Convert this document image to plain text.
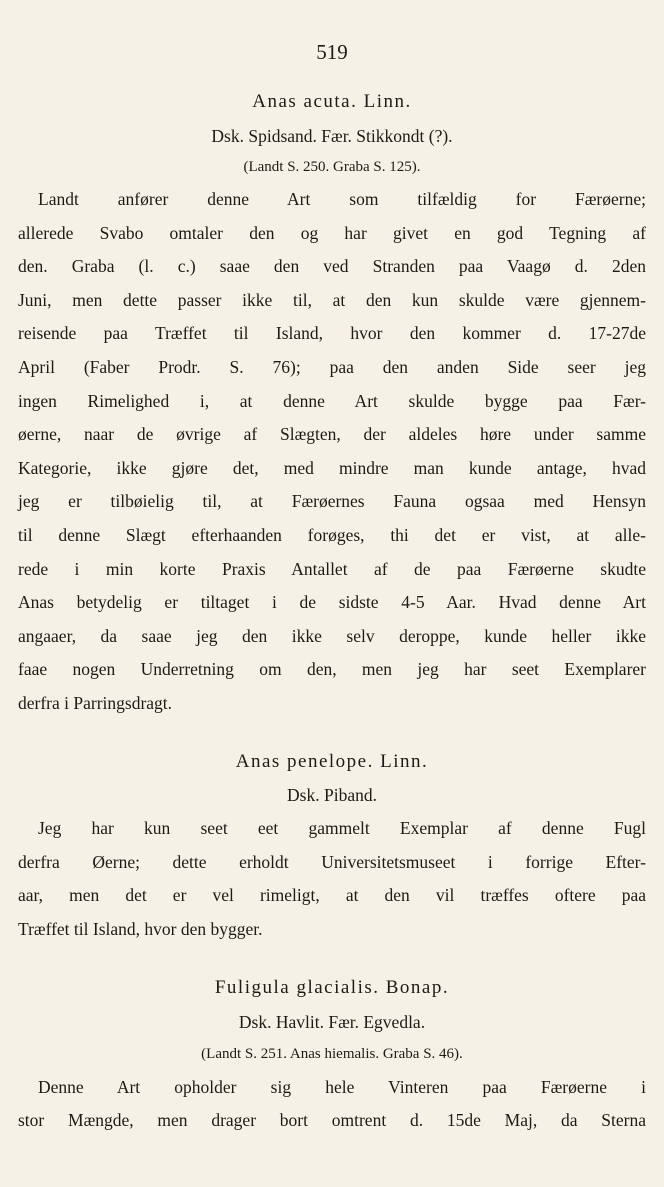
519
Anas acuta. Linn.
Dsk. Spidsand. Fær. Stikkondt (?).
(Landt S. 250. Graba S. 125).
Landt anfører denne Art som tilfældig for Færøerne;
allerede Svabo omtaler den og har givet en god Tegning af
den. Graba (l. c.) saae den ved Stranden paa Vaagø d. 2den
Juni, men dette passer ikke til, at den kun skulde være gjennem-
reisende paa Træffet til Island, hvor den kommer d. 17-27de
April (Faber Prodr. S. 76); paa den anden Side seer jeg
ingen Rimelighed i, at denne Art skulde bygge paa Fær-
øerne, naar de øvrige af Slægten, der aldeles høre under samme
Kategorie, ikke gjøre det, med mindre man kunde antage, hvad
jeg er tilbøielig til, at Færøernes Fauna ogsaa med Hensyn
til denne Slægt efterhaanden forøges, thi det er vist, at alle-
rede i min korte Praxis Antallet af de paa Færøerne skudte
Anas betydelig er tiltaget i de sidste 4-5 Aar. Hvad denne Art
angaaer, da saae jeg den ikke selv deroppe, kunde heller ikke
faae nogen Underretning om den, men jeg har seet Exemplarer
derfra i Parringsdragt.
Anas penelope. Linn.
Dsk. Piband.
Jeg har kun seet eet gammelt Exemplar af denne Fugl
derfra Øerne; dette erholdt Universitetsmuseet i forrige Efter-
aar, men det er vel rimeligt, at den vil træffes oftere paa
Træffet til Island, hvor den bygger.
Fuligula glacialis. Bonap.
Dsk. Havlit. Fær. Egvedla.
(Landt S. 251. Anas hiemalis. Graba S. 46).
Denne Art opholder sig hele Vinteren paa Færøerne i
stor Mængde, men drager bort omtrent d. 15de Maj, da Sterna
